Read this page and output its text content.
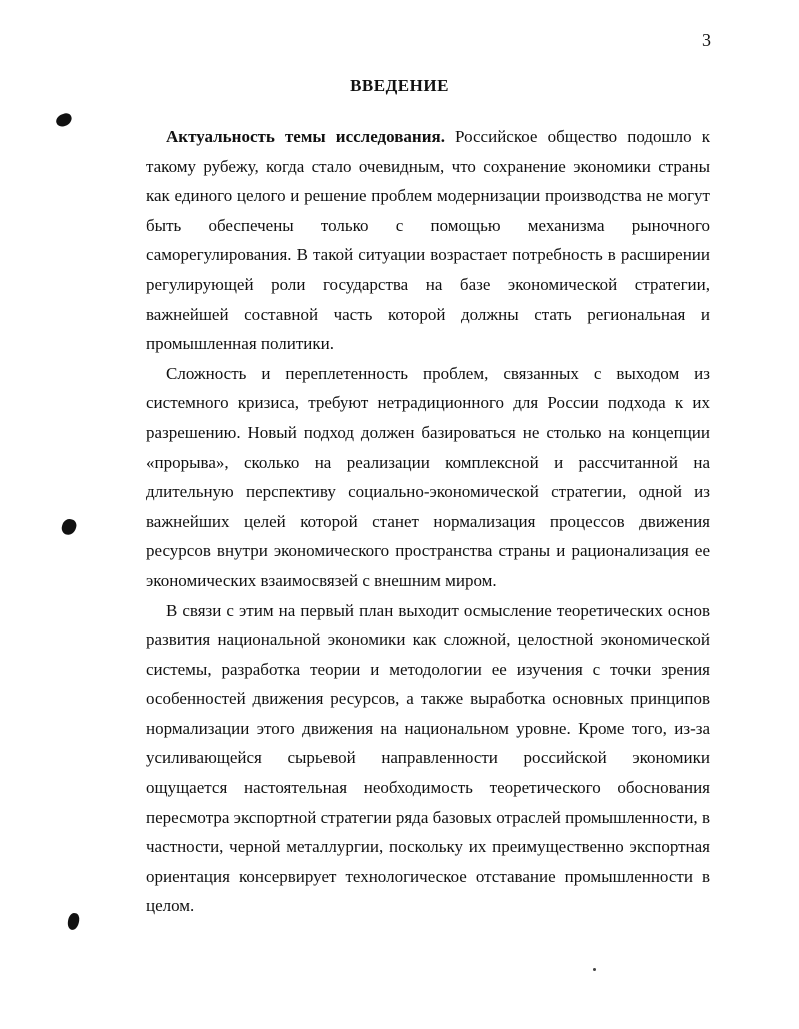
3
ВВЕДЕНИЕ

Актуальность темы исследования. Российское общество подошло к такому рубежу, когда стало очевидным, что сохранение экономики страны как единого целого и решение проблем модернизации производства не могут быть обеспечены только с помощью механизма рыночного саморегулирования. В такой ситуации возрастает потребность в расширении регулирующей роли государства на базе экономической стратегии, важнейшей составной часть которой должны стать региональная и промышленная политики.

Сложность и переплетенность проблем, связанных с выходом из системного кризиса, требуют нетрадиционного для России подхода к их разрешению. Новый подход должен базироваться не столько на концепции «прорыва», сколько на реализации комплексной и рассчитанной на длительную перспективу социально-экономической стратегии, одной из важнейших целей которой станет нормализация процессов движения ресурсов внутри экономического пространства страны и рационализация ее экономических взаимосвязей с внешним миром.

В связи с этим на первый план выходит осмысление теоретических основ развития национальной экономики как сложной, целостной экономической системы, разработка теории и методологии ее изучения с точки зрения особенностей движения ресурсов, а также выработка основных принципов нормализации этого движения на национальном уровне. Кроме того, из-за усиливающейся сырьевой направленности российской экономики ощущается настоятельная необходимость теоретического обоснования пересмотра экспортной стратегии ряда базовых отраслей промышленности, в частности, черной металлургии, поскольку их преимущественно экспортная ориентация консервирует технологическое отставание промышленности в целом.
